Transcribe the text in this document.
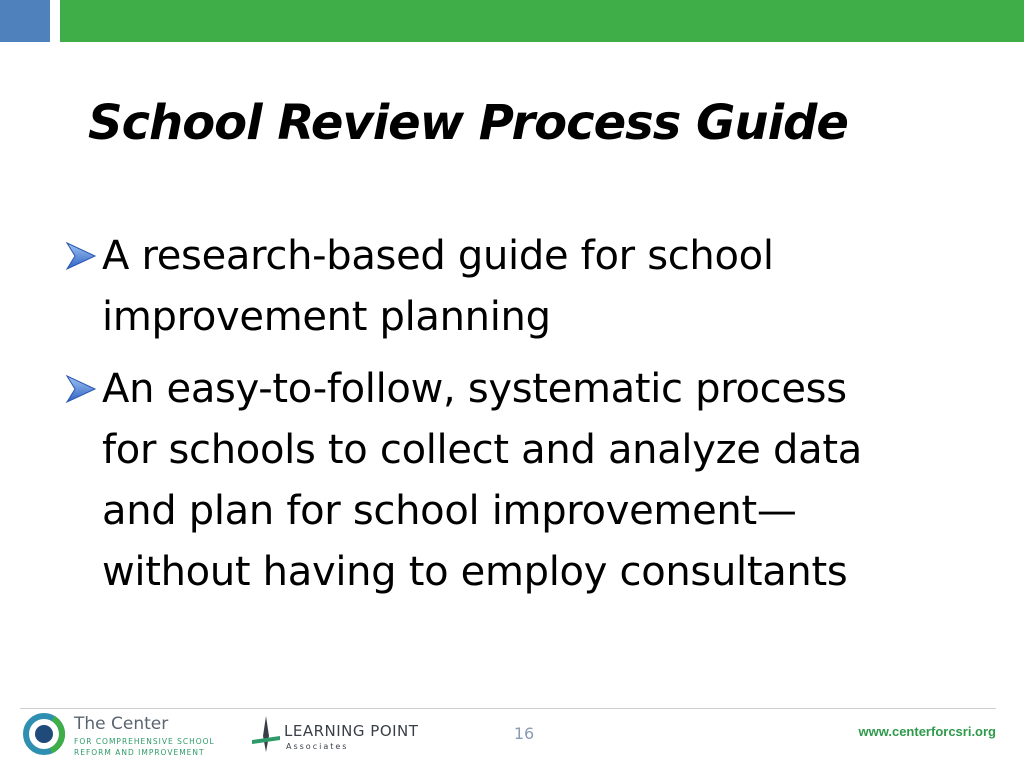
School Review Process Guide
A research-based guide for school
improvement planning
An easy-to-follow, systematic process
for schools to collect and analyze data
and plan for school improvement—
without having to employ consultants

The Center

FOR COMPREHENSIVE SCHOOL

REFORM AND IMPROVEMENT

LEARNING POINT

Associates

16	www.centerforcsri.org
